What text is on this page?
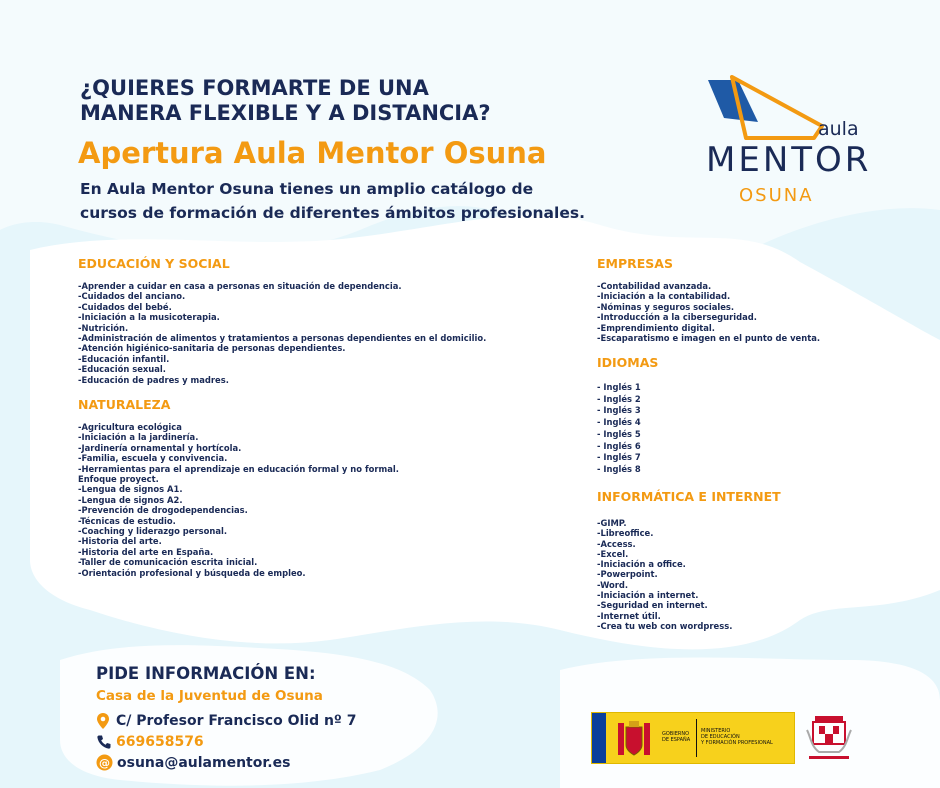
¿QUIERES FORMARTE DE UNA
MANERA FLEXIBLE Y A DISTANCIA?
Apertura Aula Mentor Osuna
En Aula Mentor Osuna tienes un amplio catálogo de
cursos de formación de diferentes ámbitos profesionales.
aula
MENTOR
OSUNA
EDUCACIÓN Y SOCIAL
-Aprender a cuidar en casa a personas en situación de dependencia.
-Cuidados del anciano.
-Cuidados del bebé.
-Iniciación a la musicoterapia.
-Nutrición.
-Administración de alimentos y tratamientos a personas dependientes en el domicilio.
-Atención higiénico-sanitaria de personas dependientes.
-Educación infantil.
-Educación sexual.
-Educación de padres y madres.
NATURALEZA
-Agricultura ecológica
-Iniciación a la jardinería.
-Jardinería ornamental y hortícola.
-Familia, escuela y convivencia.
-Herramientas para el aprendizaje en educación formal y no formal.
Enfoque proyect.
-Lengua de signos A1.
-Lengua de signos A2.
-Prevención de drogodependencias.
-Técnicas de estudio.
-Coaching y liderazgo personal.
-Historia del arte.
-Historia del arte en España.
-Taller de comunicación escrita inicial.
-Orientación profesional y búsqueda de empleo.
EMPRESAS
-Contabilidad avanzada.
-Iniciación a la contabilidad.
-Nóminas y seguros sociales.
-Introducción a la ciberseguridad.
-Emprendimiento digital.
-Escaparatismo e imagen en el punto de venta.
IDIOMAS
- Inglés 1
- Inglés 2
- Inglés 3
- Inglés 4
- Inglés 5
- Inglés 6
- Inglés 7
- Inglés 8
INFORMÁTICA E INTERNET
-GIMP.
-Libreoffice.
-Access.
-Excel.
-Iniciación a office.
-Powerpoint.
-Word.
-Iniciación a internet.
-Seguridad en internet.
-Internet útil.
-Crea tu web con wordpress.
PIDE INFORMACIÓN EN:
Casa de la Juventud de Osuna
C/ Profesor Francisco Olid nº 7
669658576
@ osuna@aulamentor.es
GOBIERNO
DE ESPAÑA
MINISTERIO
DE EDUCACIÓN
Y FORMACIÓN PROFESIONAL
